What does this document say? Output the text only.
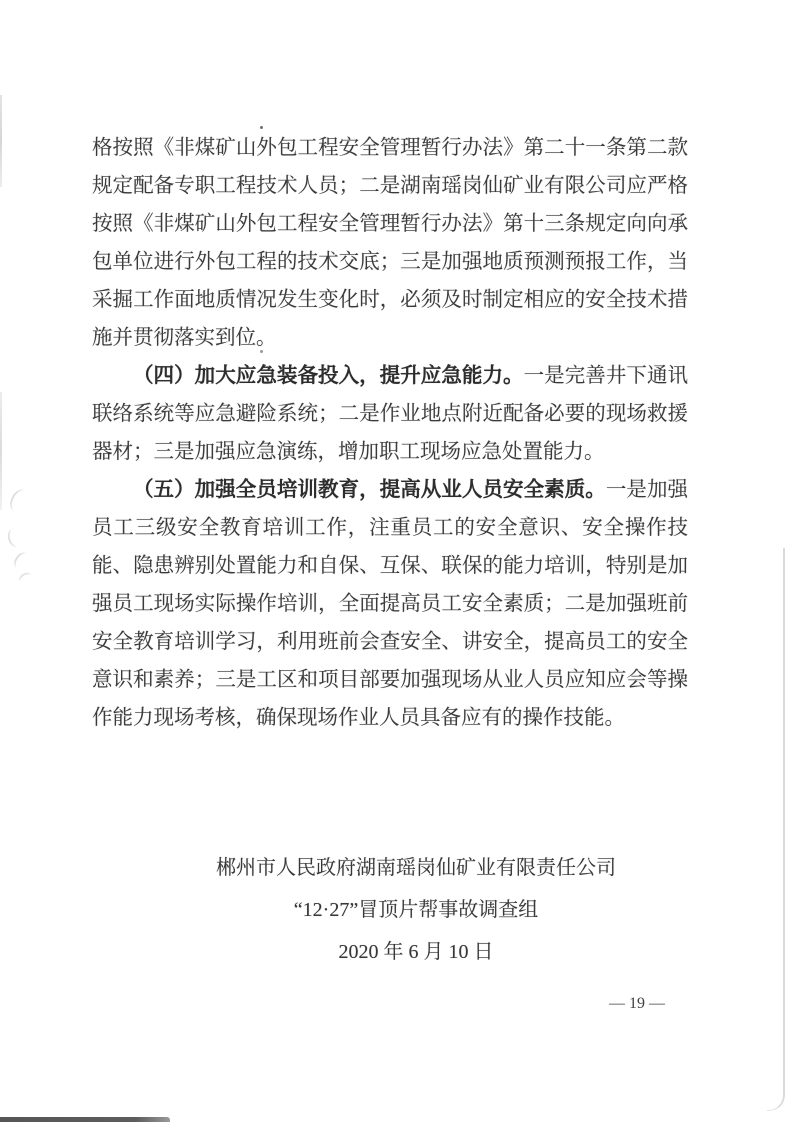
格按照《非煤矿山外包工程安全管理暂行办法》第二十一条第二款规定配备专职工程技术人员；二是湖南瑶岗仙矿业有限公司应严格按照《非煤矿山外包工程安全管理暂行办法》第十三条规定向向承包单位进行外包工程的技术交底；三是加强地质预测预报工作，当采掘工作面地质情况发生变化时，必须及时制定相应的安全技术措施并贯彻落实到位。

（四）加大应急装备投入，提升应急能力。一是完善井下通讯联络系统等应急避险系统；二是作业地点附近配备必要的现场救援器材；三是加强应急演练，增加职工现场应急处置能力。

（五）加强全员培训教育，提高从业人员安全素质。一是加强员工三级安全教育培训工作，注重员工的安全意识、安全操作技能、隐患辨别处置能力和自保、互保、联保的能力培训，特别是加强员工现场实际操作培训，全面提高员工安全素质；二是加强班前安全教育培训学习，利用班前会查安全、讲安全，提高员工的安全意识和素养；三是工区和项目部要加强现场从业人员应知应会等操作能力现场考核，确保现场作业人员具备应有的操作技能。

郴州市人民政府湖南瑶岗仙矿业有限责任公司

“12·27”冒顶片帮事故调查组

2020 年 6 月 10 日

— 19 —
